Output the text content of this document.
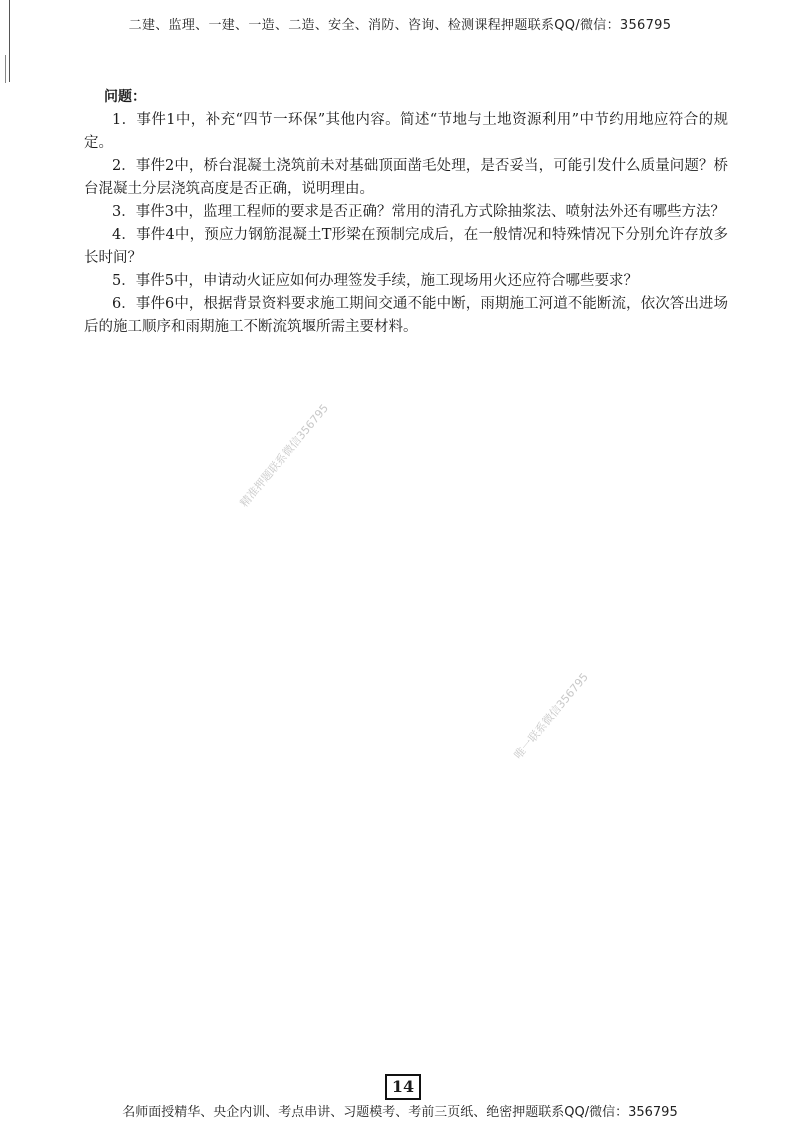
二建、监理、一建、一造、二造、安全、消防、咨询、检测课程押题联系QQ/微信：356795
问题：

1．事件1中，补充“四节一环保”其他内容。简述“节地与土地资源利用”中节约用地应符合的规定。

2．事件2中，桥台混凝土浇筑前未对基础顶面凿毛处理，是否妥当，可能引发什么质量问题？桥台混凝土分层浇筑高度是否正确，说明理由。

3．事件3中，监理工程师的要求是否正确？常用的清孔方式除抽浆法、喷射法外还有哪些方法？

4．事件4中，预应力钢筋混凝土T形梁在预制完成后，在一般情况和特殊情况下分别允许存放多长时间？

5．事件5中，申请动火证应如何办理签发手续，施工现场用火还应符合哪些要求？

6．事件6中，根据背景资料要求施工期间交通不能中断，雨期施工河道不能断流，依次答出进场后的施工顺序和雨期施工不断流筑堰所需主要材料。

精准押题联系微信356795
唯一联系微信356795
14
名师面授精华、央企内训、考点串讲、习题模考、考前三页纸、绝密押题联系QQ/微信：356795
